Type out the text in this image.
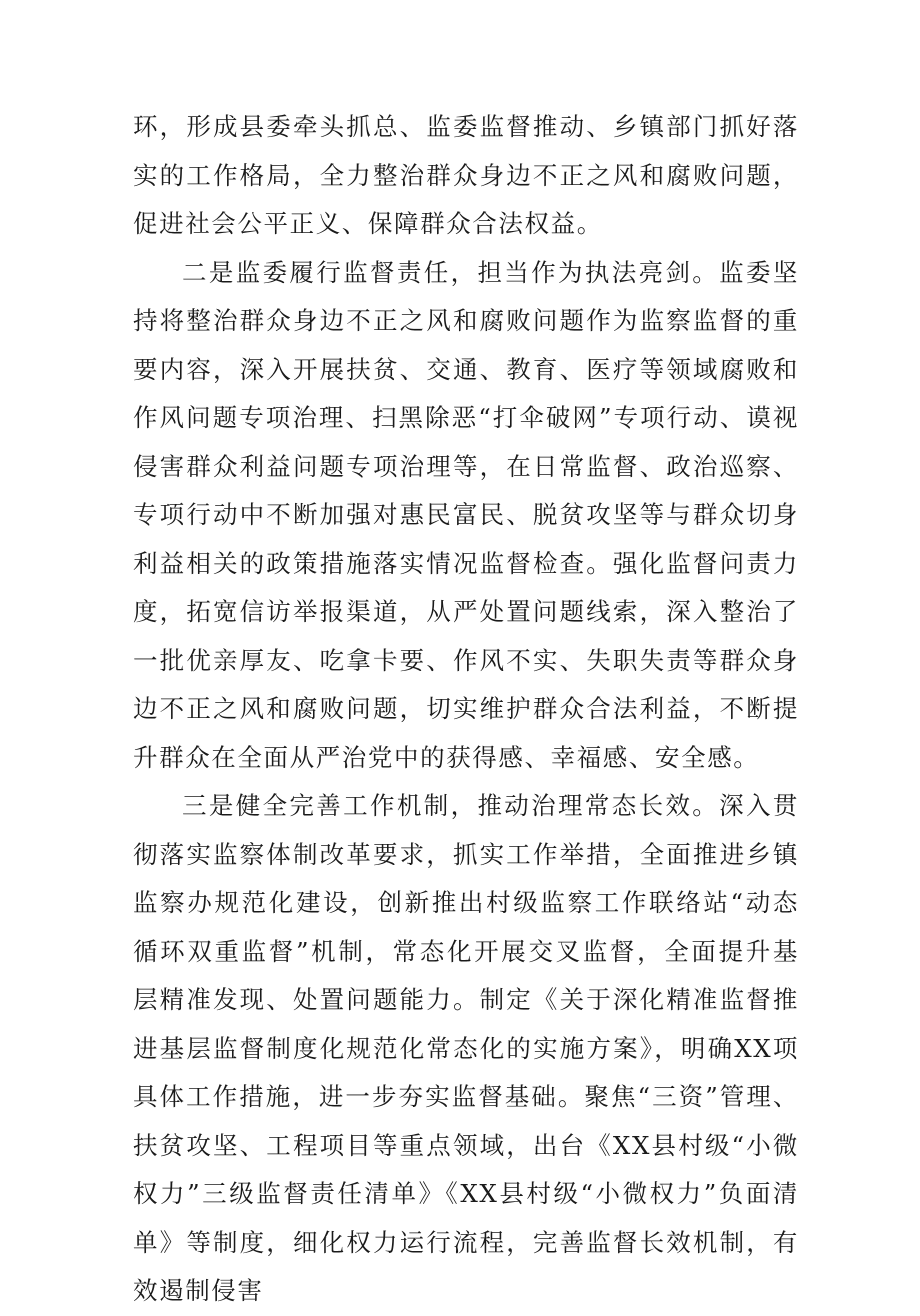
环，形成县委牵头抓总、监委监督推动、乡镇部门抓好落实的工作格局，全力整治群众身边不正之风和腐败问题，促进社会公平正义、保障群众合法权益。

二是监委履行监督责任，担当作为执法亮剑。监委坚持将整治群众身边不正之风和腐败问题作为监察监督的重要内容，深入开展扶贫、交通、教育、医疗等领域腐败和作风问题专项治理、扫黑除恶“打伞破网”专项行动、谟视侵害群众利益问题专项治理等，在日常监督、政治巡察、专项行动中不断加强对惠民富民、脱贫攻坚等与群众切身利益相关的政策措施落实情况监督检查。强化监督问责力度，拓宽信访举报渠道，从严处置问题线索，深入整治了一批优亲厚友、吃拿卡要、作风不实、失职失责等群众身边不正之风和腐败问题，切实维护群众合法利益，不断提升群众在全面从严治党中的获得感、幸福感、安全感。

三是健全完善工作机制，推动治理常态长效。深入贯彻落实监察体制改革要求，抓实工作举措，全面推进乡镇监察办规范化建设，创新推出村级监察工作联络站“动态循环双重监督”机制，常态化开展交叉监督，全面提升基层精准发现、处置问题能力。制定《关于深化精准监督推进基层监督制度化规范化常态化的实施方案》，明确XX项具体工作措施，进一步夯实监督基础。聚焦“三资”管理、扶贫攻坚、工程项目等重点领域，出台《XX县村级“小微权力”三级监督责任清单》《XX县村级“小微权力”负面清单》等制度，细化权力运行流程，完善监督长效机制，有效遏制侵害
